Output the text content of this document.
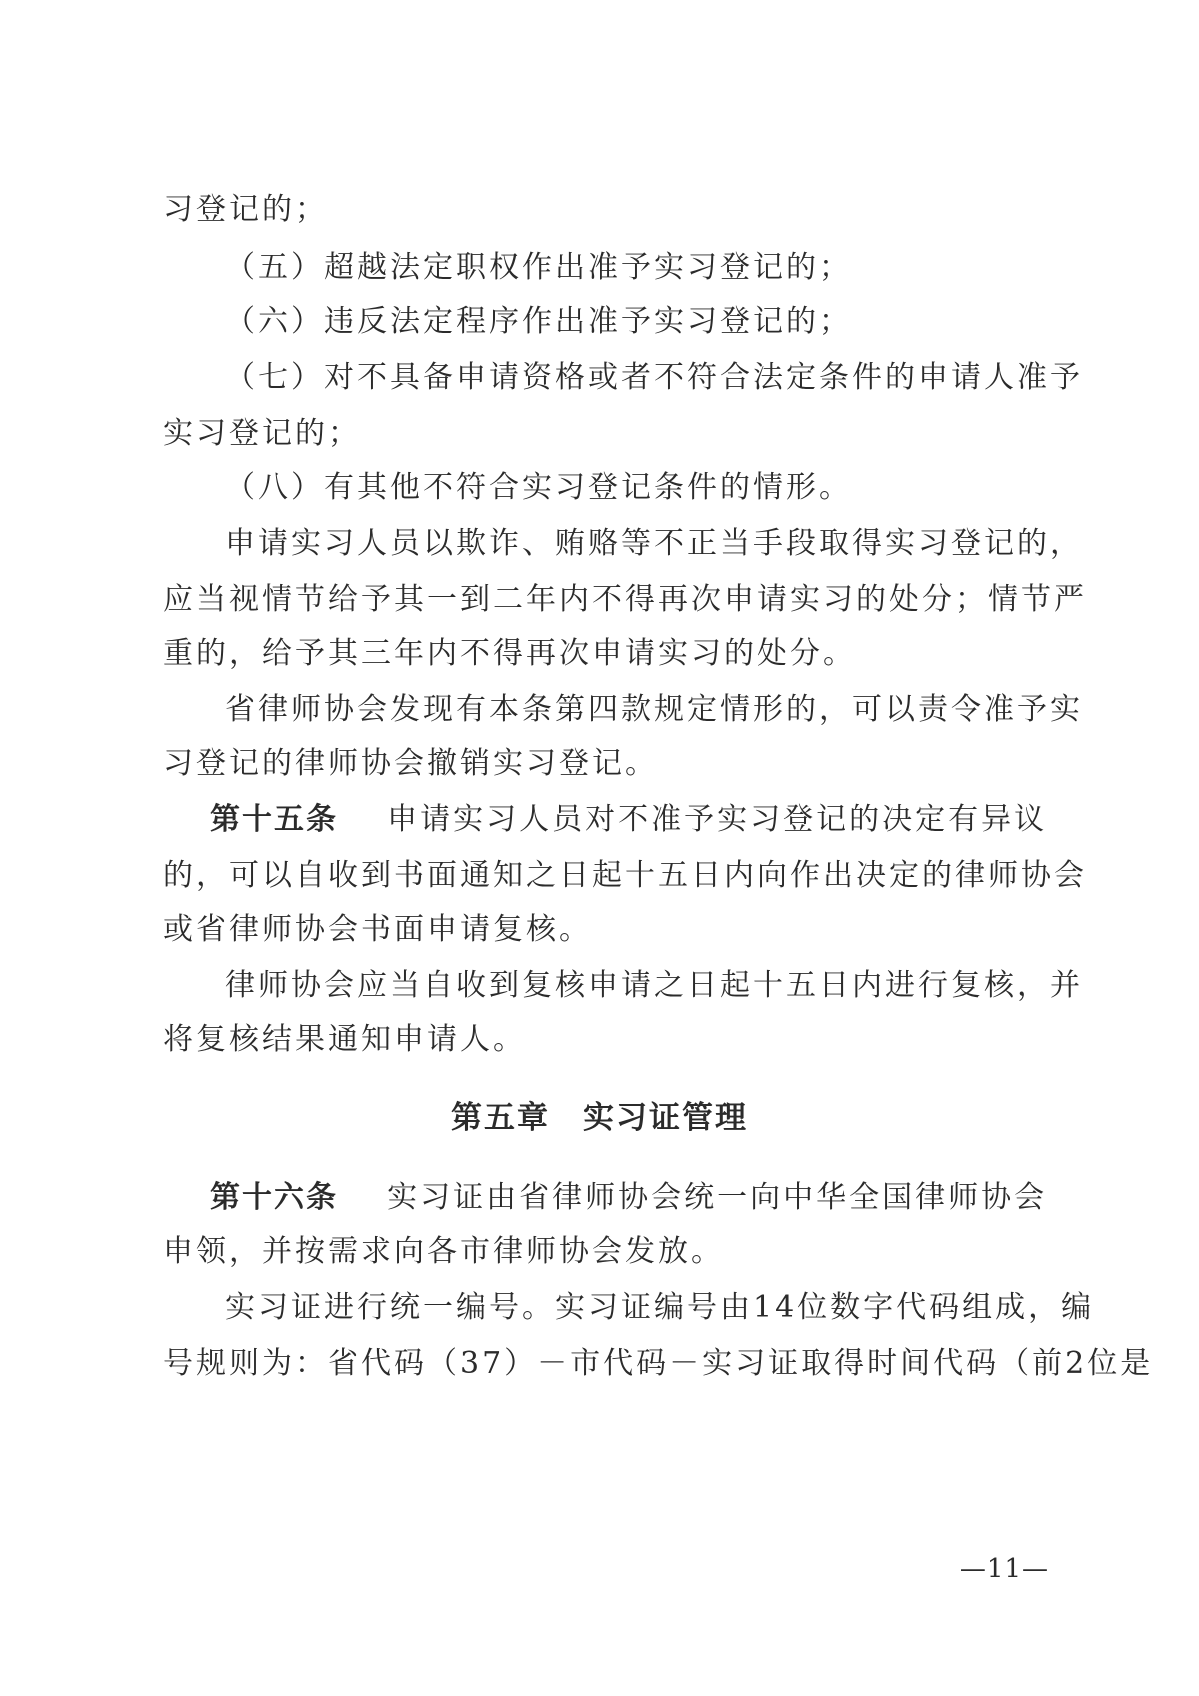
习登记的；
（五）超越法定职权作出准予实习登记的；
（六）违反法定程序作出准予实习登记的；
（七）对不具备申请资格或者不符合法定条件的申请人准予
实习登记的；
（八）有其他不符合实习登记条件的情形。
申请实习人员以欺诈、贿赂等不正当手段取得实习登记的，
应当视情节给予其一到二年内不得再次申请实习的处分；情节严
重的，给予其三年内不得再次申请实习的处分。
省律师协会发现有本条第四款规定情形的，可以责令准予实
习登记的律师协会撤销实习登记。
第十五条 申请实习人员对不准予实习登记的决定有异议
的，可以自收到书面通知之日起十五日内向作出决定的律师协会
或省律师协会书面申请复核。
律师协会应当自收到复核申请之日起十五日内进行复核，并
将复核结果通知申请人。
第五章　实习证管理
第十六条 实习证由省律师协会统一向中华全国律师协会
申领，并按需求向各市律师协会发放。
实习证进行统一编号。实习证编号由14位数字代码组成，编
号规则为：省代码（37）－市代码－实习证取得时间代码（前2位是
—11—
